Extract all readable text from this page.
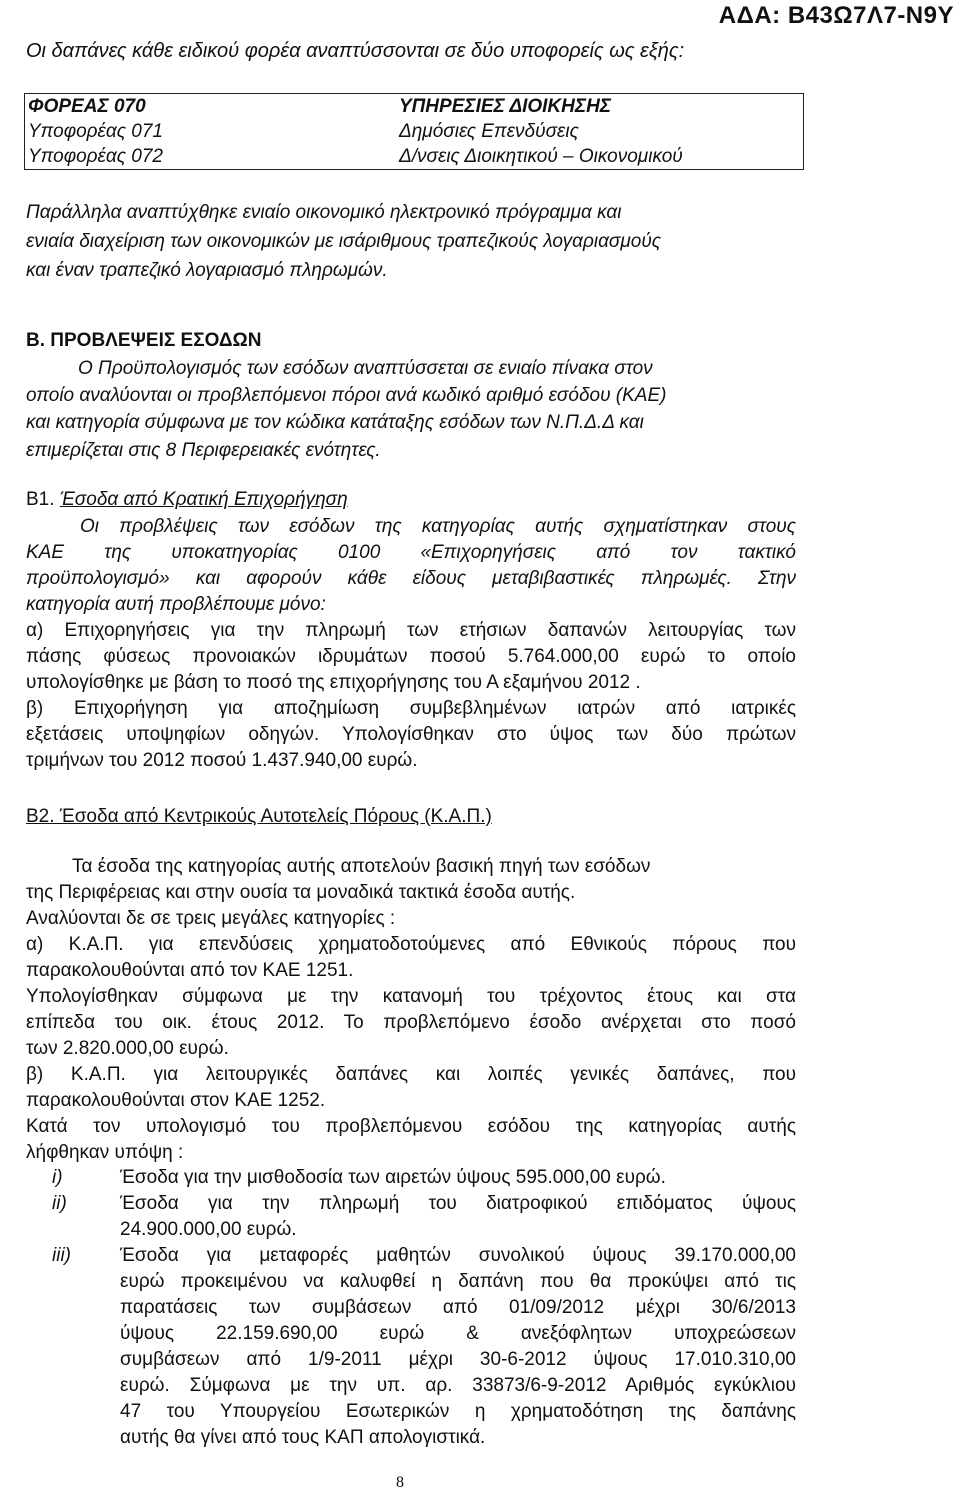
ΑΔΑ: Β43Ω7Λ7-Ν9Υ
Οι δαπάνες κάθε ειδικού φορέα αναπτύσσονται σε δύο υποφορείς ως εξής:
ΦΟΡΕΑΣ 070	ΥΠΗΡΕΣΙΕΣ ΔΙΟΙΚΗΣΗΣ
Υποφορέας 071	Δημόσιες Επενδύσεις
Υποφορέας 072	Δ/νσεις Διοικητικού – Οικονομικού
Παράλληλα αναπτύχθηκε ενιαίο οικονομικό ηλεκτρονικό πρόγραμμα και
ενιαία διαχείριση των οικονομικών με ισάριθμους τραπεζικούς λογαριασμούς
και έναν τραπεζικό λογαριασμό πληρωμών.
Β. ΠΡΟΒΛΕΨΕΙΣ ΕΣΟΔΩΝ
Ο Προϋπολογισμός των εσόδων αναπτύσσεται σε ενιαίο πίνακα στον
οποίο αναλύονται οι προβλεπόμενοι πόροι ανά κωδικό αριθμό εσόδου (ΚΑΕ)
και κατηγορία σύμφωνα με τον κώδικα κατάταξης εσόδων των Ν.Π.Δ.Δ και
επιμερίζεται στις 8 Περιφερειακές ενότητες.
Β1. Έσοδα από Κρατική Επιχορήγηση
Οι προβλέψεις των εσόδων της κατηγορίας αυτής σχηματίστηκαν στους
ΚΑΕ της υποκατηγορίας 0100 «Επιχορηγήσεις από τον τακτικό
προϋπολογισμό» και αφορούν κάθε είδους μεταβιβαστικές πληρωμές. Στην
κατηγορία αυτή προβλέπουμε μόνο:
α) Επιχορηγήσεις για την πληρωμή των ετήσιων δαπανών λειτουργίας των
πάσης φύσεως προνοιακών ιδρυμάτων ποσού 5.764.000,00 ευρώ το οποίο
υπολογίσθηκε με βάση το ποσό της επιχορήγησης του Α εξαμήνου 2012 .
β) Επιχορήγηση για αποζημίωση συμβεβλημένων ιατρών από ιατρικές
εξετάσεις υποψηφίων οδηγών. Υπολογίσθηκαν στο ύψος των δύο πρώτων
τριμήνων του 2012 ποσού 1.437.940,00 ευρώ.
Β2. Έσοδα από Κεντρικούς Αυτοτελείς Πόρους (Κ.Α.Π.)
Τα έσοδα της κατηγορίας αυτής αποτελούν βασική πηγή των εσόδων
της Περιφέρειας και στην ουσία τα μοναδικά τακτικά έσοδα αυτής.
Αναλύονται δε σε τρεις μεγάλες κατηγορίες :
α) Κ.Α.Π. για επενδύσεις χρηματοδοτούμενες από Εθνικούς πόρους που
παρακολουθούνται από τον ΚΑΕ 1251.
Υπολογίσθηκαν σύμφωνα με την κατανομή του τρέχοντος έτους και στα
επίπεδα του οικ. έτους 2012. Το προβλεπόμενο έσοδο ανέρχεται στο ποσό
των 2.820.000,00 ευρώ.
β) Κ.Α.Π. για λειτουργικές δαπάνες και λοιπές γενικές δαπάνες, που
παρακολουθούνται στον ΚΑΕ 1252.
Κατά τον υπολογισμό του προβλεπόμενου εσόδου της κατηγορίας αυτής
λήφθηκαν υπόψη :
i)	Έσοδα για την μισθοδοσία των αιρετών ύψους 595.000,00 ευρώ.
ii)	Έσοδα για την πληρωμή του διατροφικού επιδόματος ύψους
24.900.000,00 ευρώ.
iii)	Έσοδα για μεταφορές μαθητών συνολικού ύψους 39.170.000,00
ευρώ προκειμένου να καλυφθεί η δαπάνη που θα προκύψει από τις
παρατάσεις των συμβάσεων από 01/09/2012 μέχρι 30/6/2013
ύψους 22.159.690,00 ευρώ & ανεξόφλητων υποχρεώσεων
συμβάσεων από 1/9-2011 μέχρι 30-6-2012 ύψους 17.010.310,00
ευρώ. Σύμφωνα με την υπ. αρ. 33873/6-9-2012 Αριθμός εγκύκλιου
47 του Υπουργείου Εσωτερικών η χρηματοδότηση της δαπάνης
αυτής θα γίνει από τους ΚΑΠ απολογιστικά.
8
